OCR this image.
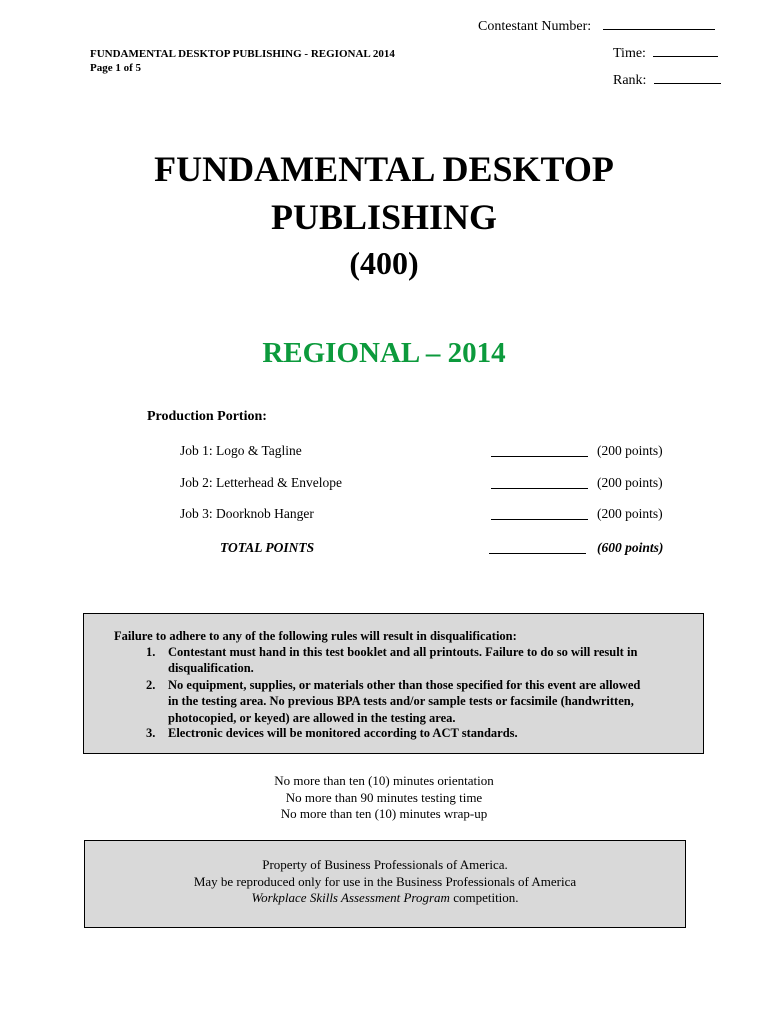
Contestant Number:
Time:
Rank:
FUNDAMENTAL DESKTOP PUBLISHING - REGIONAL 2014
Page 1 of 5
FUNDAMENTAL DESKTOP
PUBLISHING
(400)
REGIONAL – 2014
Production Portion:
Job 1: Logo & Tagline	(200 points)
Job 2: Letterhead & Envelope	(200 points)
Job 3: Doorknob Hanger	(200 points)
TOTAL POINTS	(600 points)
Failure to adhere to any of the following rules will result in disqualification:
1. Contestant must hand in this test booklet and all printouts. Failure to do so will result in disqualification.
2. No equipment, supplies, or materials other than those specified for this event are allowed in the testing area. No previous BPA tests and/or sample tests or facsimile (handwritten, photocopied, or keyed) are allowed in the testing area.
3. Electronic devices will be monitored according to ACT standards.
No more than ten (10) minutes orientation
No more than 90 minutes testing time
No more than ten (10) minutes wrap-up
Property of Business Professionals of America.
May be reproduced only for use in the Business Professionals of America
Workplace Skills Assessment Program competition.
